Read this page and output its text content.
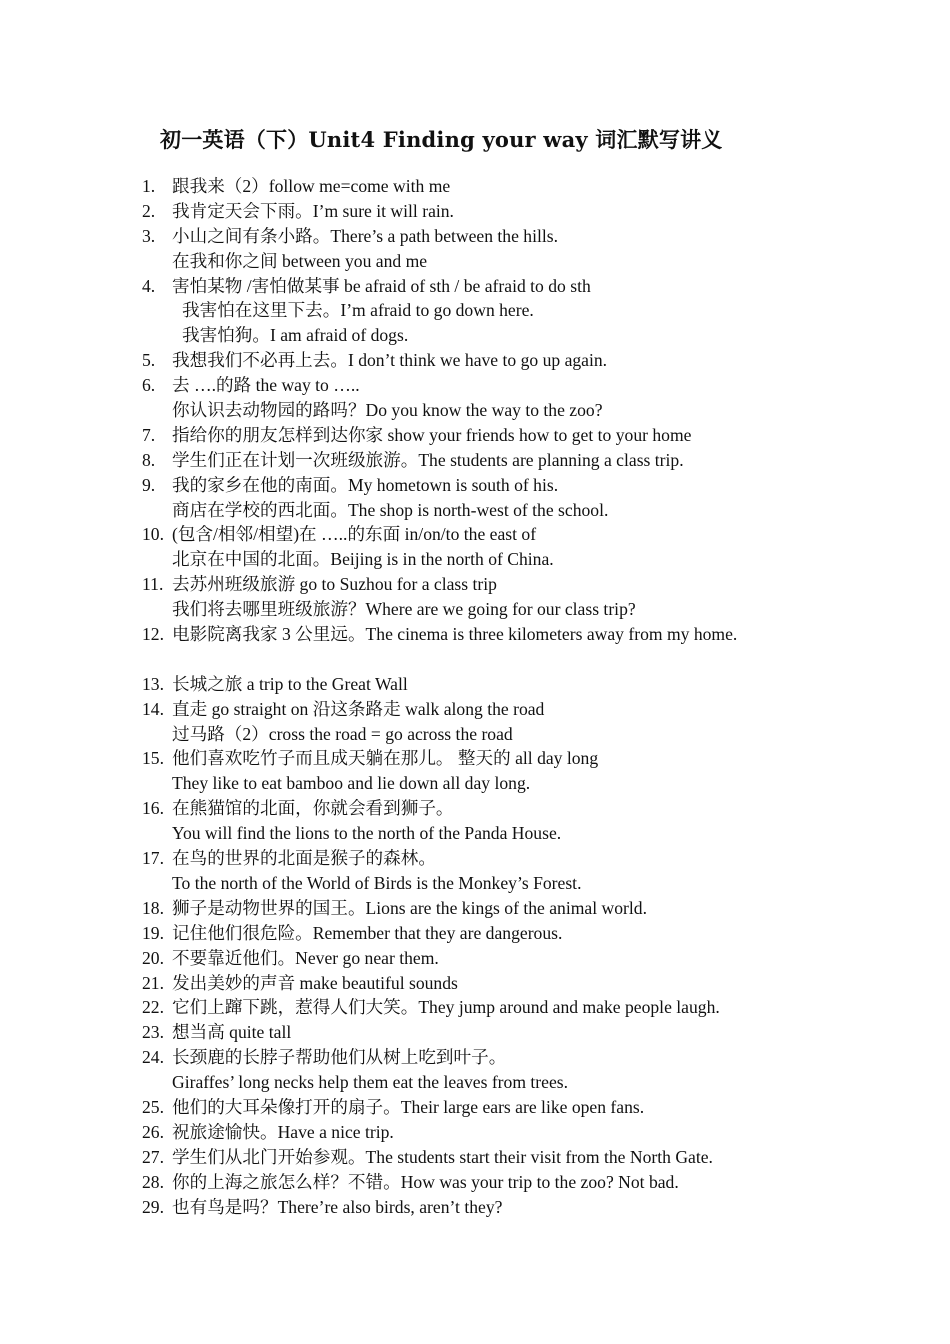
初一英语（下）Unit4 Finding your way 词汇默写讲义
1. 跟我来（2）follow me=come with me
2. 我肯定天会下雨。I’m sure it will rain.
3. 小山之间有条小路。There’s a path between the hills.
在我和你之间 between you and me
4. 害怕某物 /害怕做某事 be afraid of sth / be afraid to do sth
我害怕在这里下去。I’m afraid to go down here.
我害怕狗。I am afraid of dogs.
5. 我想我们不必再上去。I don’t think we have to go up again.
6. 去 ….的路 the way to …..
你认识去动物园的路吗？Do you know the way to the zoo?
7. 指给你的朋友怎样到达你家 show your friends how to get to your home
8. 学生们正在计划一次班级旅游。The students are planning a class trip.
9. 我的家乡在他的南面。My hometown is south of his.
商店在学校的西北面。The shop is north-west of the school.
10. (包含/相邻/相望)在 …..的东面 in/on/to the east of
北京在中国的北面。Beijing is in the north of China.
11. 去苏州班级旅游 go to Suzhou for a class trip
我们将去哪里班级旅游？Where are we going for our class trip?
12. 电影院离我家 3 公里远。The cinema is three kilometers away from my home.
13. 长城之旅 a trip to the Great Wall
14. 直走 go straight on 沿这条路走 walk along the road
过马路（2）cross the road = go across the road
15. 他们喜欢吃竹子而且成天躺在那儿。 整天的 all day long
They like to eat bamboo and lie down all day long.
16. 在熊猫馆的北面，你就会看到狮子。
You will find the lions to the north of the Panda House.
17. 在鸟的世界的北面是猴子的森林。
To the north of the World of Birds is the Monkey’s Forest.
18. 狮子是动物世界的国王。Lions are the kings of the animal world.
19. 记住他们很危险。Remember that they are dangerous.
20. 不要靠近他们。Never go near them.
21. 发出美妙的声音 make beautiful sounds
22. 它们上蹿下跳，惹得人们大笑。They jump around and make people laugh.
23. 想当高 quite tall
24. 长颈鹿的长脖子帮助他们从树上吃到叶子。
Giraffes’ long necks help them eat the leaves from trees.
25. 他们的大耳朵像打开的扇子。Their large ears are like open fans.
26. 祝旅途愉快。Have a nice trip.
27. 学生们从北门开始参观。The students start their visit from the North Gate.
28. 你的上海之旅怎么样？不错。How was your trip to the zoo? Not bad.
29. 也有鸟是吗？There’re also birds, aren’t they?
